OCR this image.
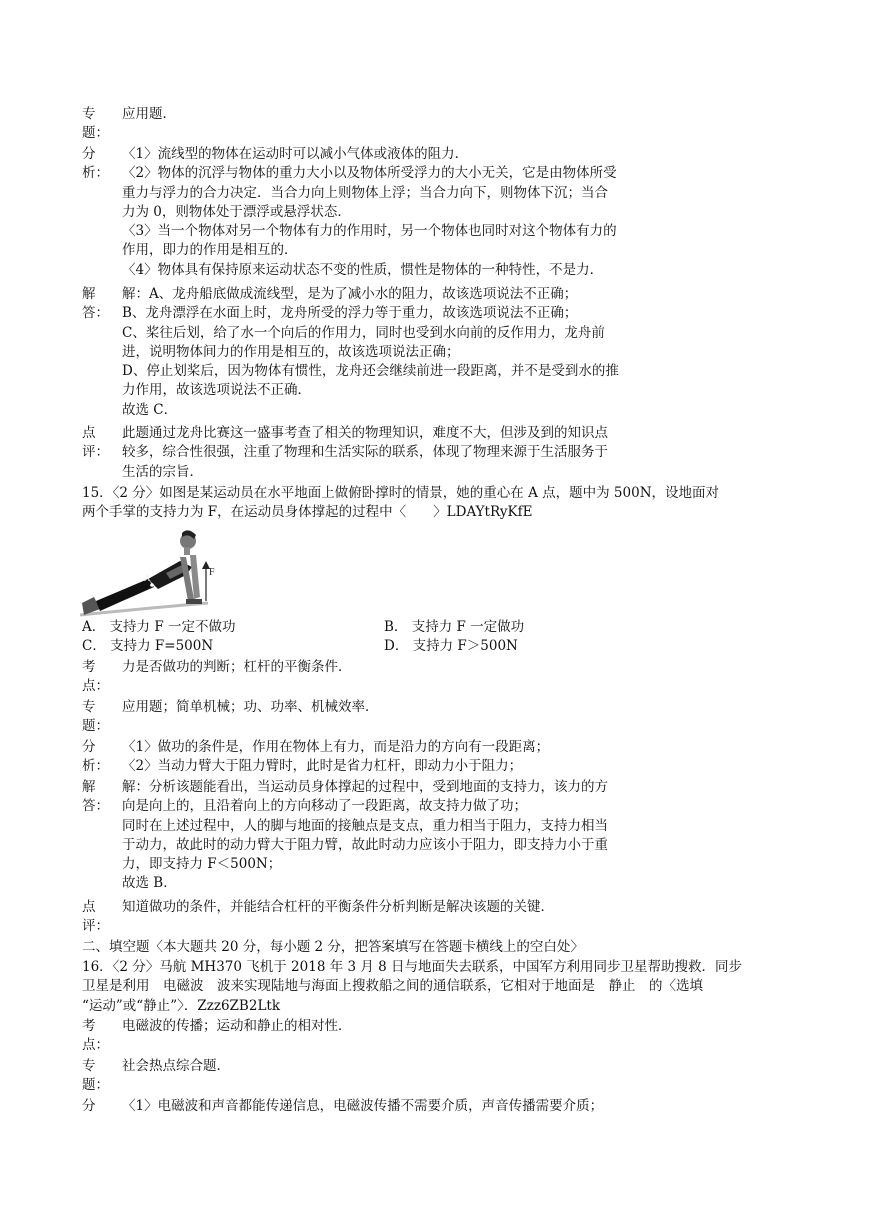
专 应用题．
题：
分 〈1〉流线型的物体在运动时可以减小气体或液体的阻力．
析： 〈2〉物体的沉浮与物体的重力大小以及物体所受浮力的大小无关，它是由物体所受
重力与浮力的合力决定．当合力向上则物体上浮；当合力向下，则物体下沉；当合
力为 0，则物体处于漂浮或悬浮状态．
〈3〉当一个物体对另一个物体有力的作用时，另一个物体也同时对这个物体有力的
作用，即力的作用是相互的．
〈4〉物体具有保持原来运动状态不变的性质，惯性是物体的一种特性，不是力．
解 解：A、龙舟船底做成流线型，是为了减小水的阻力，故该选项说法不正确；
答： B、龙舟漂浮在水面上时，龙舟所受的浮力等于重力，故该选项说法不正确；
C、桨往后划，给了水一个向后的作用力，同时也受到水向前的反作用力，龙舟前
进，说明物体间力的作用是相互的，故该选项说法正确；
D、停止划桨后，因为物体有惯性，龙舟还会继续前进一段距离，并不是受到水的推
力作用，故该选项说法不正确．
故选 C．
点 此题通过龙舟比赛这一盛事考查了相关的物理知识，难度不大，但涉及到的知识点
评： 较多，综合性很强，注重了物理和生活实际的联系，体现了物理来源于生活服务于
生活的宗旨．
15．〈2 分〉如图是某运动员在水平地面上做俯卧撑时的情景，她的重心在 A 点，题中为 500N，设地面对
两个手掌的支持力为 F，在运动员身体撑起的过程中〈　　〉LDAYtRyKfE
F
A
A． 支持力 F 一定不做功	B． 支持力 F 一定做功
C． 支持力 F=500N	D． 支持力 F＞500N
考 力是否做功的判断；杠杆的平衡条件．
点：
专 应用题；简单机械；功、功率、机械效率．
题：
分 〈1〉做功的条件是，作用在物体上有力，而是沿力的方向有一段距离；
析： 〈2〉当动力臂大于阻力臂时，此时是省力杠杆，即动力小于阻力；
解 解：分析该题能看出，当运动员身体撑起的过程中，受到地面的支持力，该力的方
答： 向是向上的，且沿着向上的方向移动了一段距离，故支持力做了功；
同时在上述过程中，人的脚与地面的接触点是支点，重力相当于阻力，支持力相当
于动力，故此时的动力臂大于阻力臂，故此时动力应该小于阻力，即支持力小于重
力，即支持力 F＜500N；
故选 B．
点 知道做功的条件，并能结合杠杆的平衡条件分析判断是解决该题的关键．
评：
二、填空题〈本大题共 20 分，每小题 2 分，把答案填写在答题卡横线上的空白处〉
16．〈2 分〉马航 MH370 飞机于 2018 年 3 月 8 日与地面失去联系，中国军方利用同步卫星帮助搜救．同步
卫星是利用　电磁波　波来实现陆地与海面上搜救船之间的通信联系，它相对于地面是　静止　的〈选填
“运动”或“静止”〉．Zzz6ZB2Ltk
考 电磁波的传播；运动和静止的相对性．
点：
专 社会热点综合题．
题：
分 〈1〉电磁波和声音都能传递信息，电磁波传播不需要介质，声音传播需要介质；
